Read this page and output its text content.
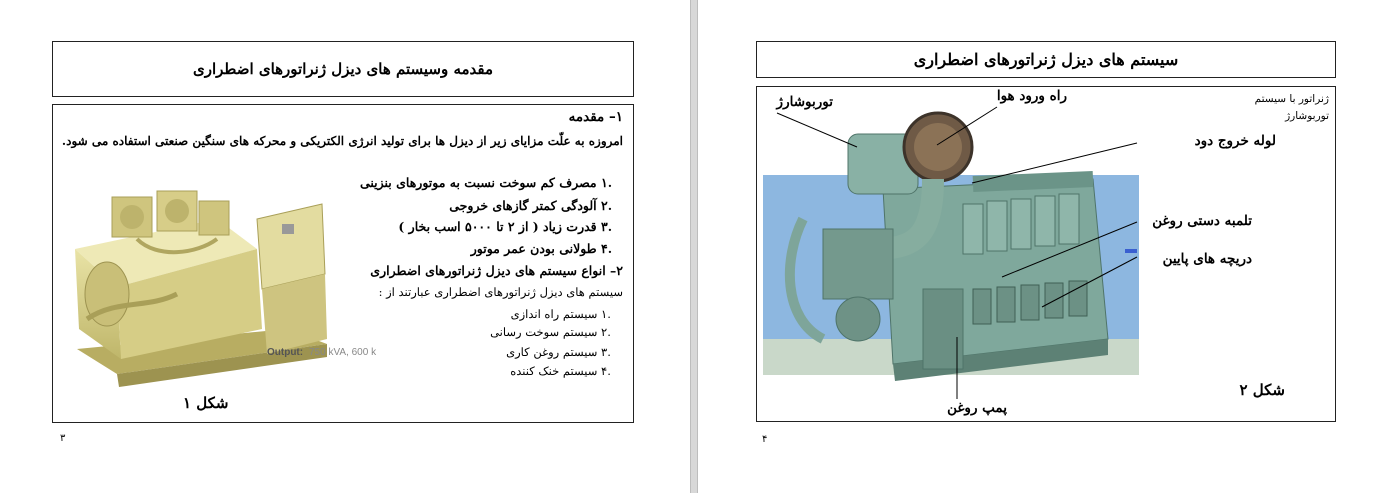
مقدمه وسیستم های دیزل ژنراتورهای اضطراری
Output: 750 kVA, 600 k
۱– مقدمه
امروزه به علّت مزایای زیر از دیزل ها برای تولید انرژی الکتریکی و محرکه های سنگین صنعتی استفاده می شود.
.۱ مصرف کم سوخت نسبت به موتورهای بنزینی
.۲ آلودگی کمتر گازهای خروجی
.۳ قدرت زیاد ( از ۲ تا ۵۰۰۰ اسب بخار )
.۴ طولانی بودن عمر موتور
۲– انواع سیستم های دیزل ژنراتورهای اضطراری
سیستم های دیزل ژنراتورهای اضطراری عبارتند از :
.۱ سیستم راه اندازی
.۲ سیستم سوخت رسانی
.۳ سیستم روغن کاری
.۴ سیستم خنک کننده
شکل ۱
۳
سیستم های دیزل ژنراتورهای اضطراری
توربوشارژ	راه ورود هوا
لوله خروج دود
تلمبه دستی روغن
دریچه های پایین
پمپ روغن
ژنراتور با سیستم توربوشارژ
شکل ۲
۴
